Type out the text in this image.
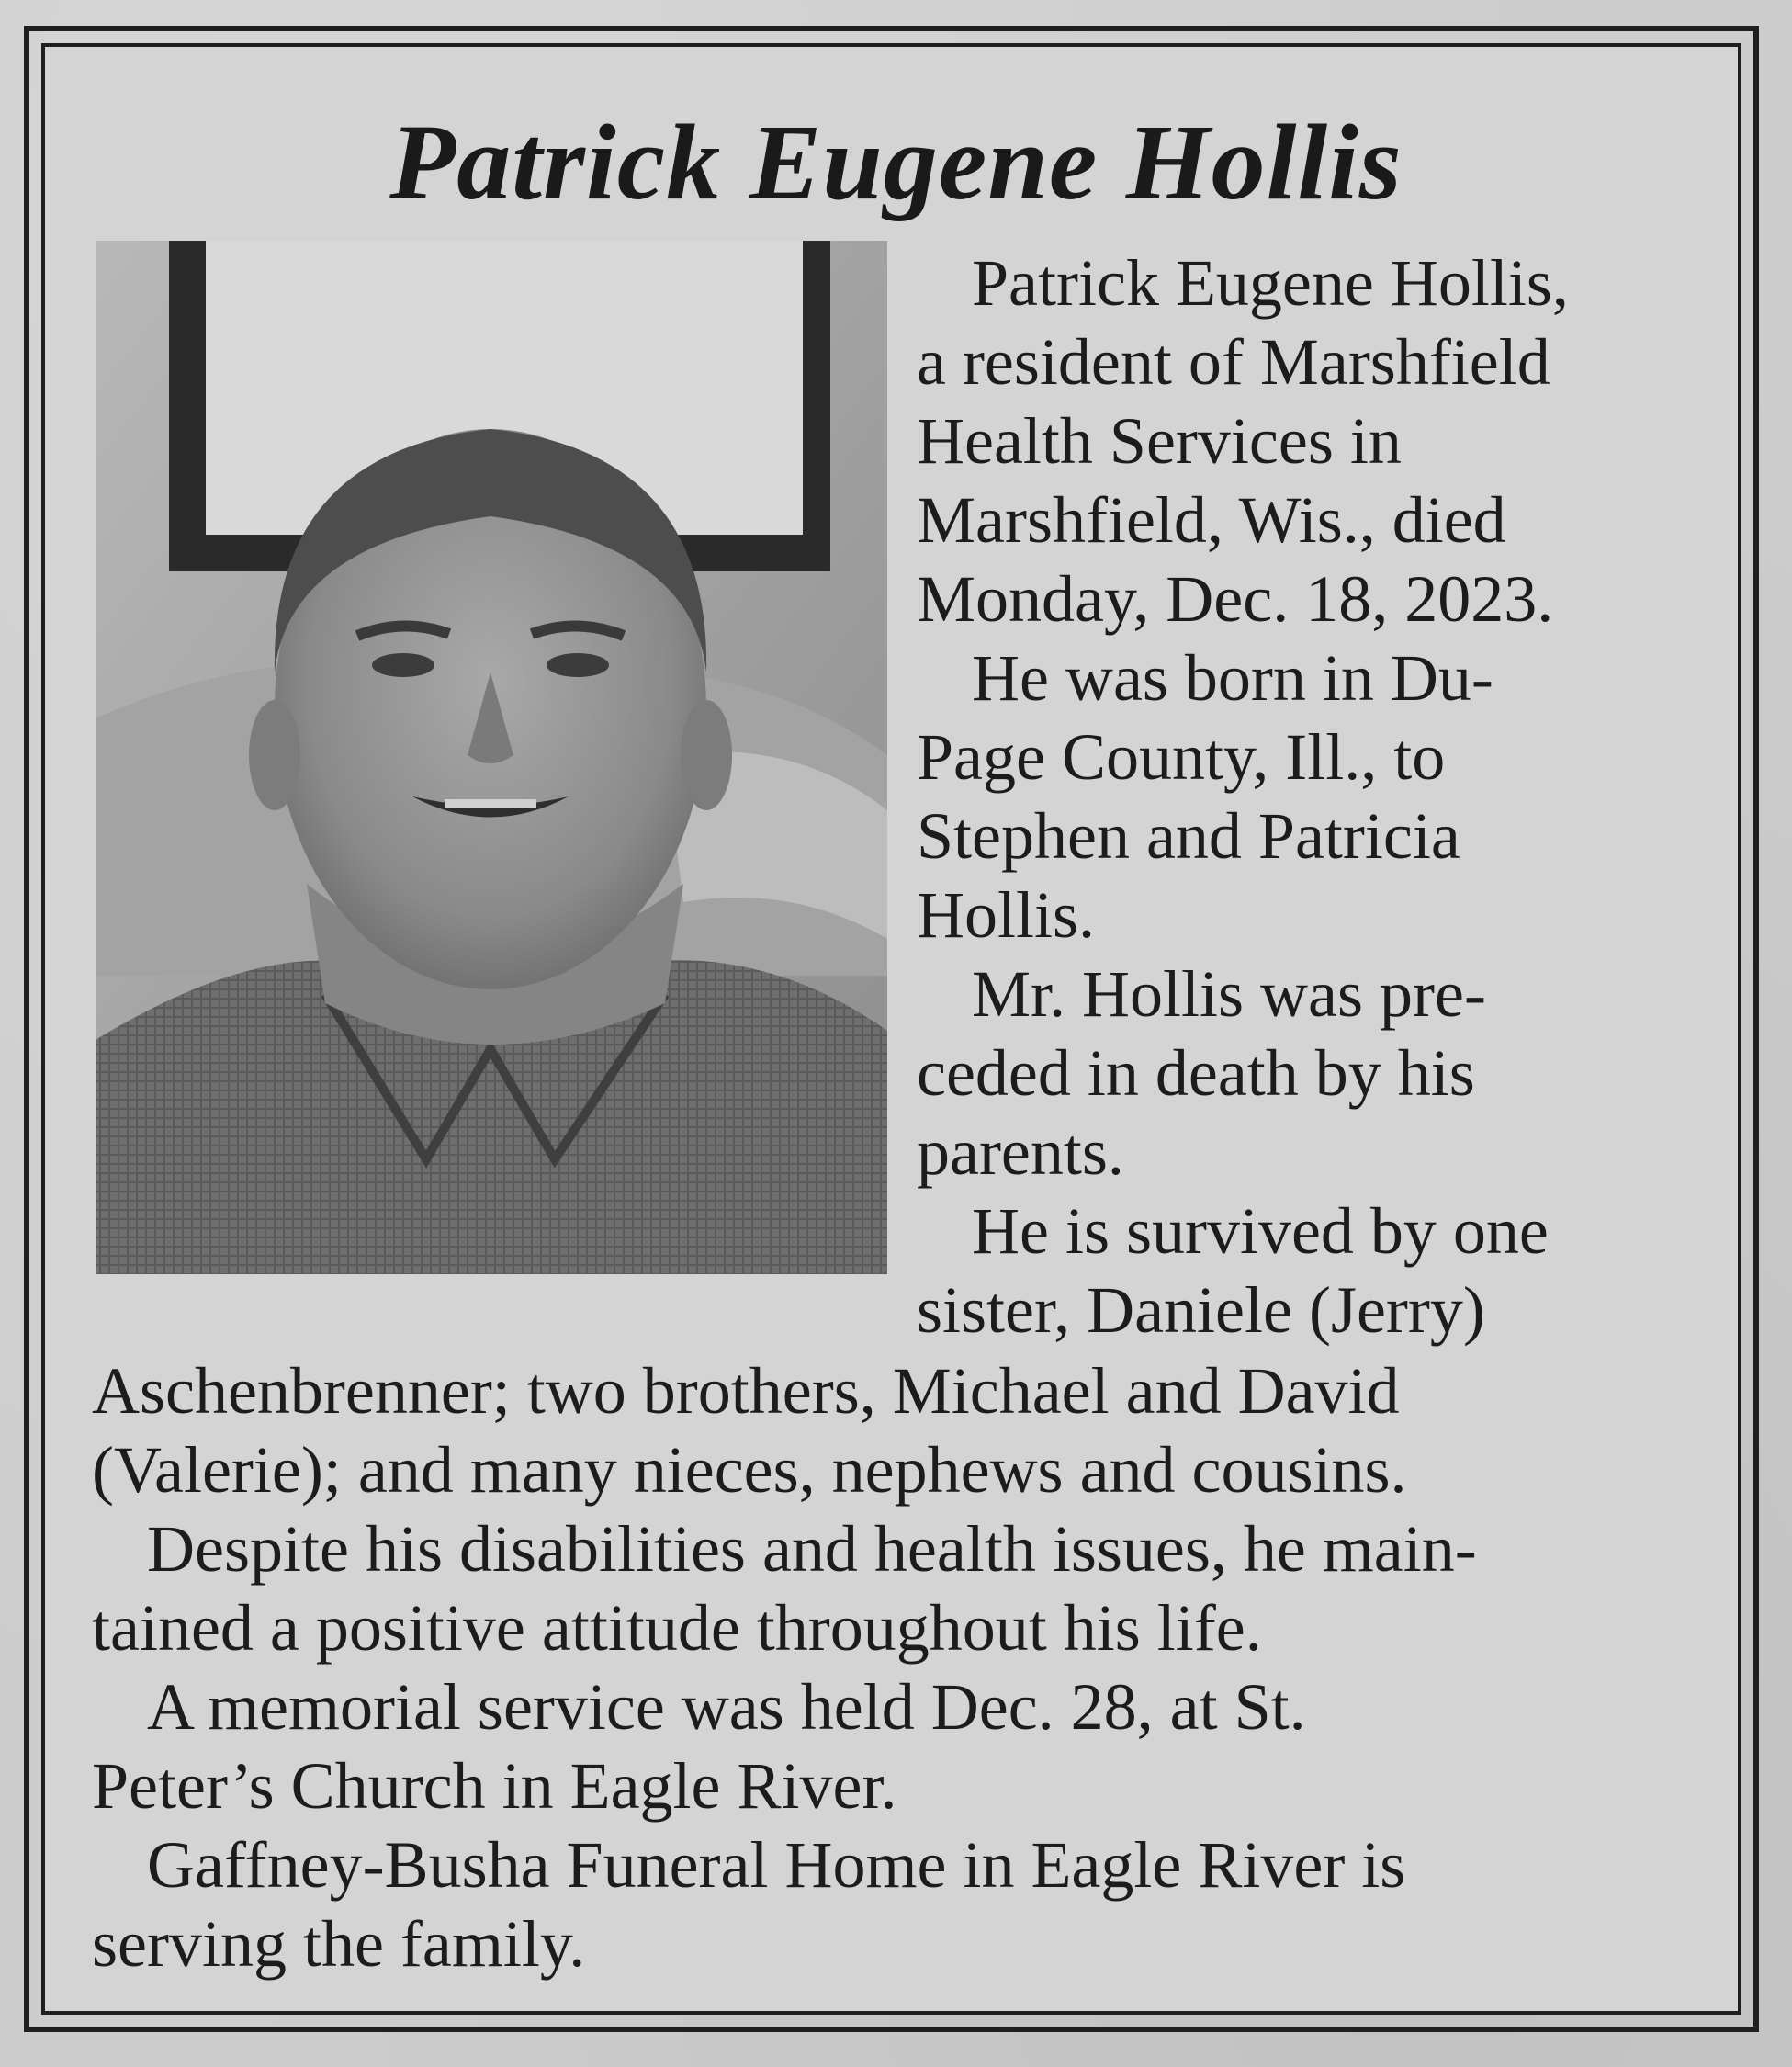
Patrick Eugene Hollis
Patrick Eugene Hollis,
a resident of Marshfield
Health Services in
Marshfield, Wis., died
Monday, Dec. 18, 2023.
He was born in Du-
Page County, Ill., to
Stephen and Patricia
Hollis.
Mr. Hollis was pre-
ceded in death by his
parents.
He is survived by one
sister, Daniele (Jerry)
Aschenbrenner; two brothers, Michael and David
(Valerie); and many nieces, nephews and cousins.
Despite his disabilities and health issues, he main-
tained a positive attitude throughout his life.
A memorial service was held Dec. 28, at St.
Peter’s Church in Eagle River.
Gaffney-Busha Funeral Home in Eagle River is
serving the family.
